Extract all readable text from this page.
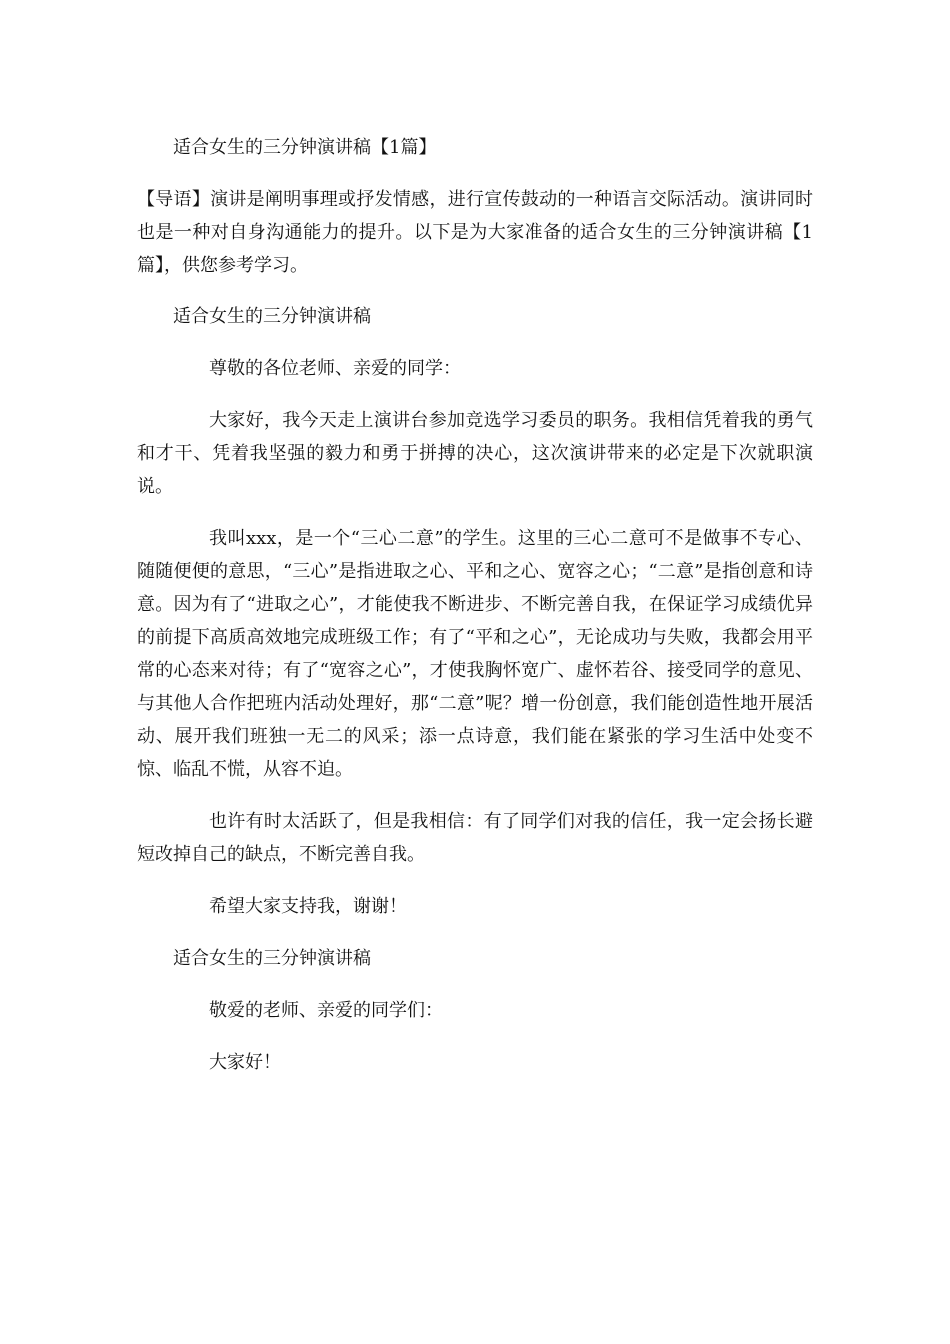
适合女生的三分钟演讲稿【1篇】

【导语】演讲是阐明事理或抒发情感，进行宣传鼓动的一种语言交际活动。演讲同时也是一种对自身沟通能力的提升。以下是为大家准备的适合女生的三分钟演讲稿【1篇】，供您参考学习。

适合女生的三分钟演讲稿

尊敬的各位老师、亲爱的同学：

大家好，我今天走上演讲台参加竞选学习委员的职务。我相信凭着我的勇气和才干、凭着我坚强的毅力和勇于拼搏的决心，这次演讲带来的必定是下次就职演说。

我叫xxx，是一个“三心二意”的学生。这里的三心二意可不是做事不专心、随随便便的意思，“三心”是指进取之心、平和之心、宽容之心；“二意”是指创意和诗意。因为有了“进取之心”，才能使我不断进步、不断完善自我，在保证学习成绩优异的前提下高质高效地完成班级工作；有了“平和之心”，无论成功与失败，我都会用平常的心态来对待；有了“宽容之心”，才使我胸怀宽广、虚怀若谷、接受同学的意见、与其他人合作把班内活动处理好，那“二意”呢？增一份创意，我们能创造性地开展活动、展开我们班独一无二的风采；添一点诗意，我们能在紧张的学习生活中处变不惊、临乱不慌，从容不迫。

也许有时太活跃了，但是我相信：有了同学们对我的信任，我一定会扬长避短改掉自己的缺点，不断完善自我。

希望大家支持我，谢谢！

适合女生的三分钟演讲稿

敬爱的老师、亲爱的同学们：

大家好！
